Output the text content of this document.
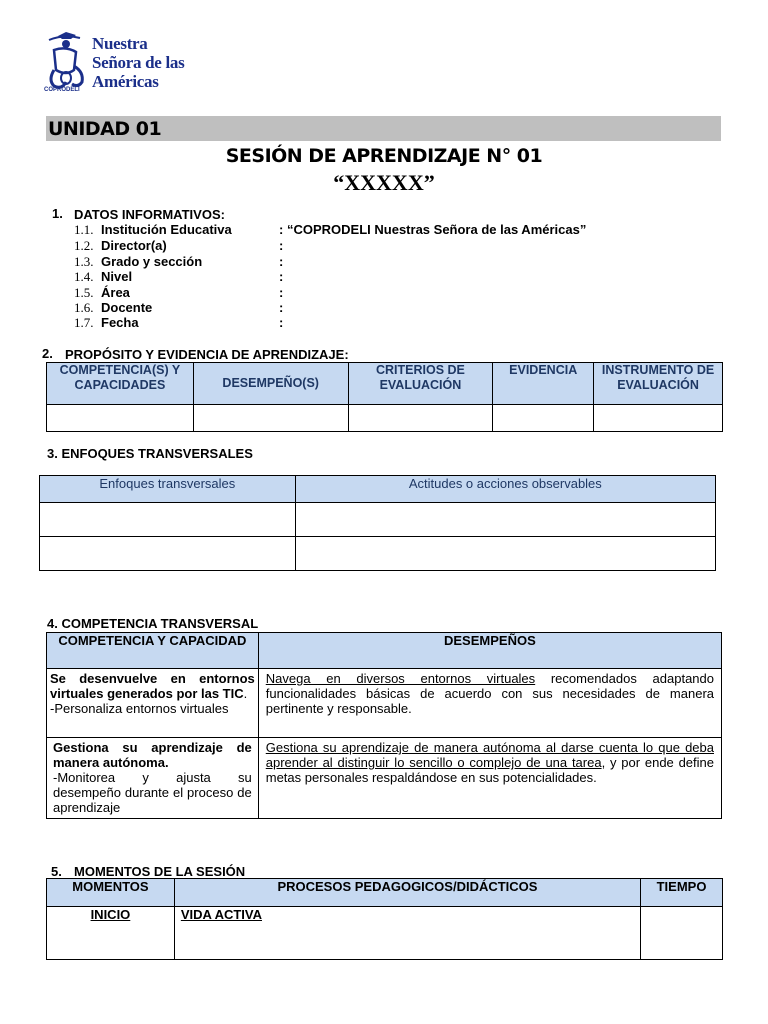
Nuestra
Señora de las
Américas
COPRODELI
UNIDAD 01
SESIÓN DE APRENDIZAJE N° 01
“XXXXX”
1. DATOS INFORMATIVOS:
1.1. Institución Educativa	: “COPRODELI Nuestras Señora de las Américas”
1.2. Director(a)	:
1.3. Grado y sección	:
1.4. Nivel	:
1.5. Área	:
1.6. Docente	:
1.7. Fecha	:
2. PROPÓSITO Y EVIDENCIA DE APRENDIZAJE:
COMPETENCIA(S) Y CAPACIDADES	DESEMPEÑO(S)	CRITERIOS DE EVALUACIÓN	EVIDENCIA	INSTRUMENTO DE EVALUACIÓN

3. ENFOQUES TRANSVERSALES
Enfoques transversales	Actitudes o acciones observables

4. COMPETENCIA TRANSVERSAL
COMPETENCIA Y CAPACIDAD	DESEMPEÑOS

Se desenvuelve en entornos virtuales generados por las TIC.
-Personaliza entornos virtuales	Navega en diversos entornos virtuales recomendados adaptando funcionalidades básicas de acuerdo con sus necesidades de manera pertinente y responsable.

Gestiona su aprendizaje de manera autónoma.
-Monitorea y ajusta su desempeño durante el proceso de aprendizaje	Gestiona su aprendizaje de manera autónoma al darse cuenta lo que deba aprender al distinguir lo sencillo o complejo de una tarea, y por ende define metas personales respaldándose en sus potencialidades.
5. MOMENTOS DE LA SESIÓN
MOMENTOS	PROCESOS PEDAGOGICOS/DIDÁCTICOS	TIEMPO
INICIO	VIDA ACTIVA	
